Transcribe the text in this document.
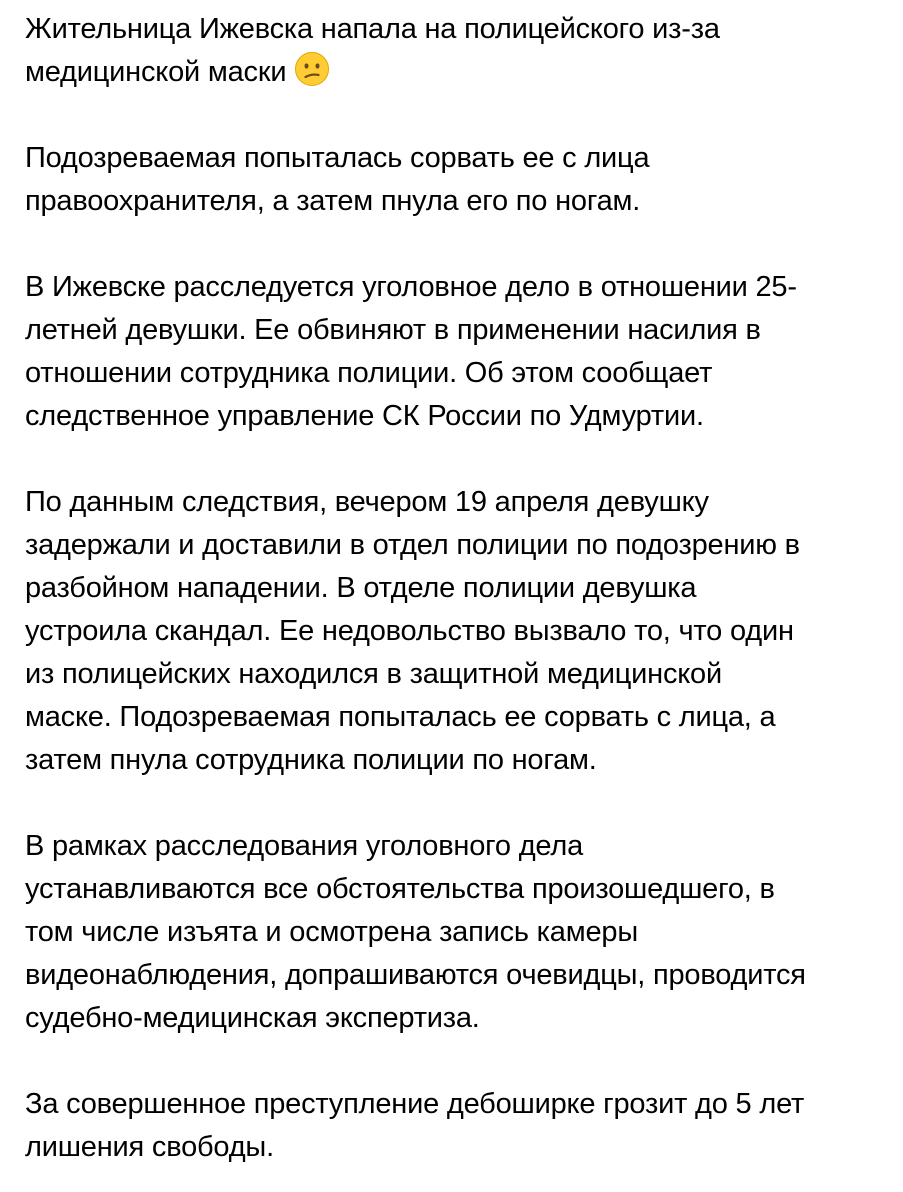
Жительница Ижевска напала на полицейского из-за
медицинской маски
Подозреваемая попыталась сорвать ее с лица
правоохранителя, а затем пнула его по ногам.
В Ижевске расследуется уголовное дело в отношении 25-
летней девушки. Ее обвиняют в применении насилия в
отношении сотрудника полиции. Об этом сообщает
следственное управление СК России по Удмуртии.
По данным следствия, вечером 19 апреля девушку
задержали и доставили в отдел полиции по подозрению в
разбойном нападении. В отделе полиции девушка
устроила скандал. Ее недовольство вызвало то, что один
из полицейских находился в защитной медицинской
маске. Подозреваемая попыталась ее сорвать с лица, а
затем пнула сотрудника полиции по ногам.
В рамках расследования уголовного дела
устанавливаются все обстоятельства произошедшего, в
том числе изъята и осмотрена запись камеры
видеонаблюдения, допрашиваются очевидцы, проводится
судебно-медицинская экспертиза.
За совершенное преступление дебоширке грозит до 5 лет
лишения свободы.
